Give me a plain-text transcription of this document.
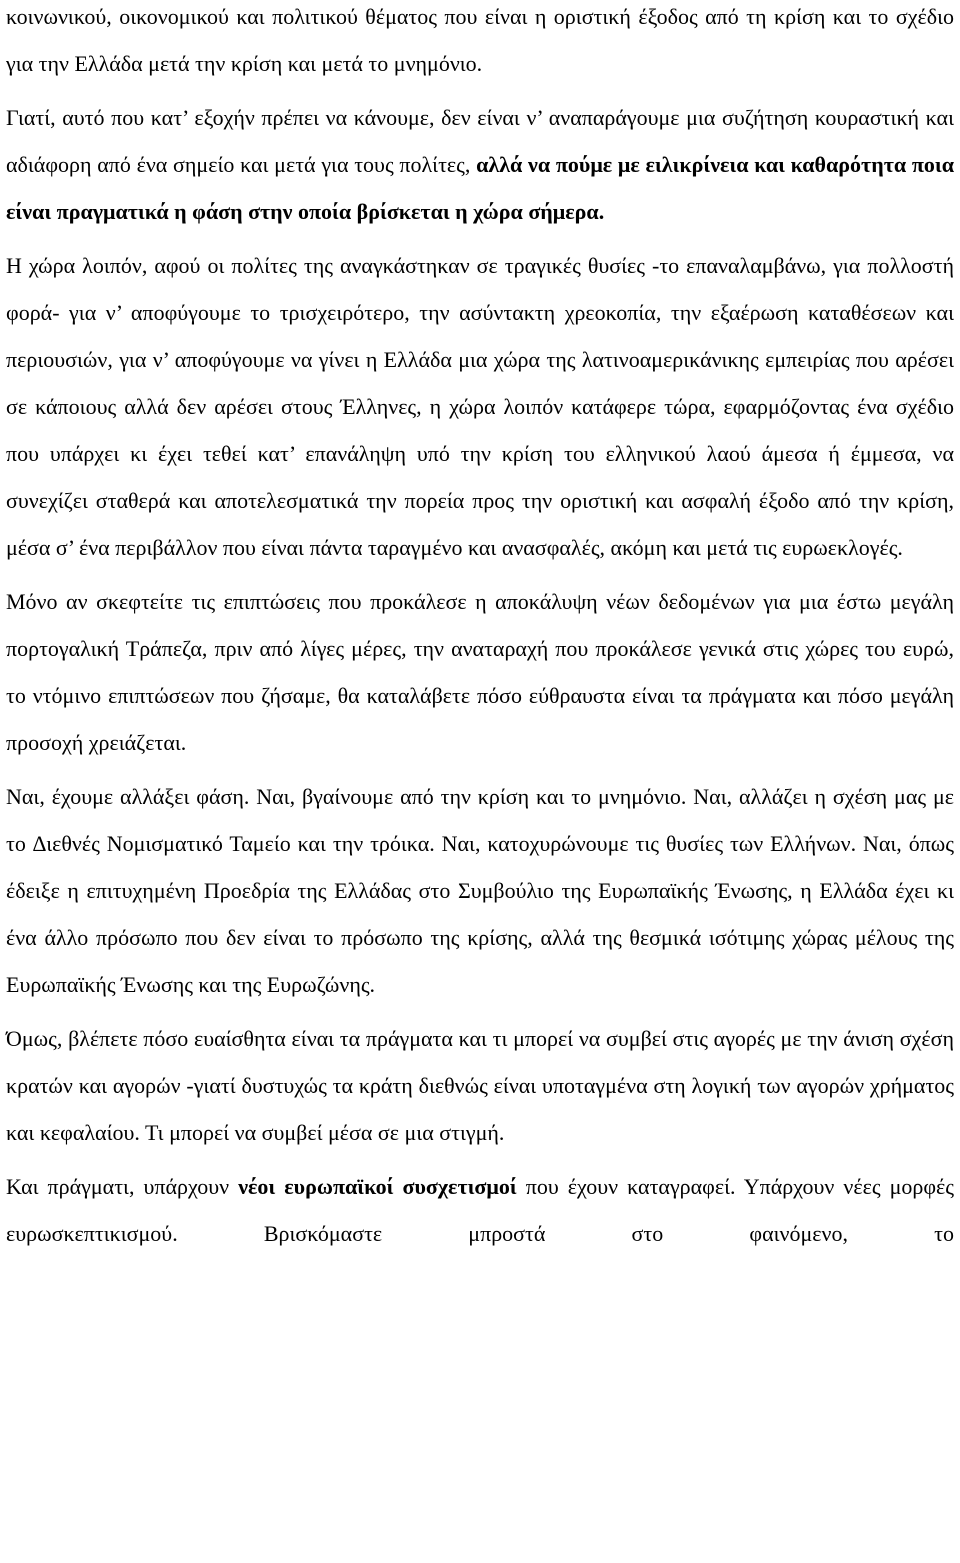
κοινωνικού, οικονομικού και πολιτικού θέματος που είναι η οριστική έξοδος από τη κρίση και το σχέδιο για την Ελλάδα μετά την κρίση και μετά το μνημόνιο.

Γιατί, αυτό που κατ’ εξοχήν πρέπει να κάνουμε, δεν είναι ν’ αναπαράγουμε μια συζήτηση κουραστική και αδιάφορη από ένα σημείο και μετά για τους πολίτες, αλλά να πούμε με ειλικρίνεια και καθαρότητα ποια είναι πραγματικά η φάση στην οποία βρίσκεται η χώρα σήμερα.

Η χώρα λοιπόν, αφού οι πολίτες της αναγκάστηκαν σε τραγικές θυσίες -το επαναλαμβάνω, για πολλοστή φορά- για ν’ αποφύγουμε το τρισχειρότερο, την ασύντακτη χρεοκοπία, την εξαέρωση καταθέσεων και περιουσιών, για ν’ αποφύγουμε να γίνει η Ελλάδα μια χώρα της λατινοαμερικάνικης εμπειρίας που αρέσει σε κάποιους αλλά δεν αρέσει στους Έλληνες, η χώρα λοιπόν κατάφερε τώρα, εφαρμόζοντας ένα σχέδιο που υπάρχει κι έχει τεθεί κατ’ επανάληψη υπό την κρίση του ελληνικού λαού άμεσα ή έμμεσα, να συνεχίζει σταθερά και αποτελεσματικά την πορεία προς την οριστική και ασφαλή έξοδο από την κρίση, μέσα σ’ ένα περιβάλλον που είναι πάντα ταραγμένο και ανασφαλές, ακόμη και μετά τις ευρωεκλογές.

Μόνο αν σκεφτείτε τις επιπτώσεις που προκάλεσε η αποκάλυψη νέων δεδομένων για μια έστω μεγάλη πορτογαλική Τράπεζα, πριν από λίγες μέρες, την αναταραχή που προκάλεσε γενικά στις χώρες του ευρώ, το ντόμινο επιπτώσεων που ζήσαμε, θα καταλάβετε πόσο εύθραυστα είναι τα πράγματα και πόσο μεγάλη προσοχή χρειάζεται.

Ναι, έχουμε αλλάξει φάση. Ναι, βγαίνουμε από την κρίση και το μνημόνιο. Ναι, αλλάζει η σχέση μας με το ∆ιεθνές Νομισματικό Ταμείο και την τρόικα. Ναι, κατοχυρώνουμε τις θυσίες των Ελλήνων. Ναι, όπως έδειξε η επιτυχημένη Προεδρία της Ελλάδας στο Συμβούλιο της Ευρωπαϊκής Ένωσης, η Ελλάδα έχει κι ένα άλλο πρόσωπο που δεν είναι το πρόσωπο της κρίσης, αλλά της θεσμικά ισότιμης χώρας μέλους της Ευρωπαϊκής Ένωσης και της Ευρωζώνης.

Όμως, βλέπετε πόσο ευαίσθητα είναι τα πράγματα και τι μπορεί να συμβεί στις αγορές με την άνιση σχέση κρατών και αγορών -γιατί δυστυχώς τα κράτη διεθνώς είναι υποταγμένα στη λογική των αγορών χρήματος και κεφαλαίου. Τι μπορεί να συμβεί μέσα σε μια στιγμή.

Και πράγματι, υπάρχουν νέοι ευρωπαϊκοί συσχετισμοί που έχουν καταγραφεί. Υπάρχουν νέες μορφές ευρωσκεπτικισμού. Βρισκόμαστε μπροστά στο φαινόμενο, το
